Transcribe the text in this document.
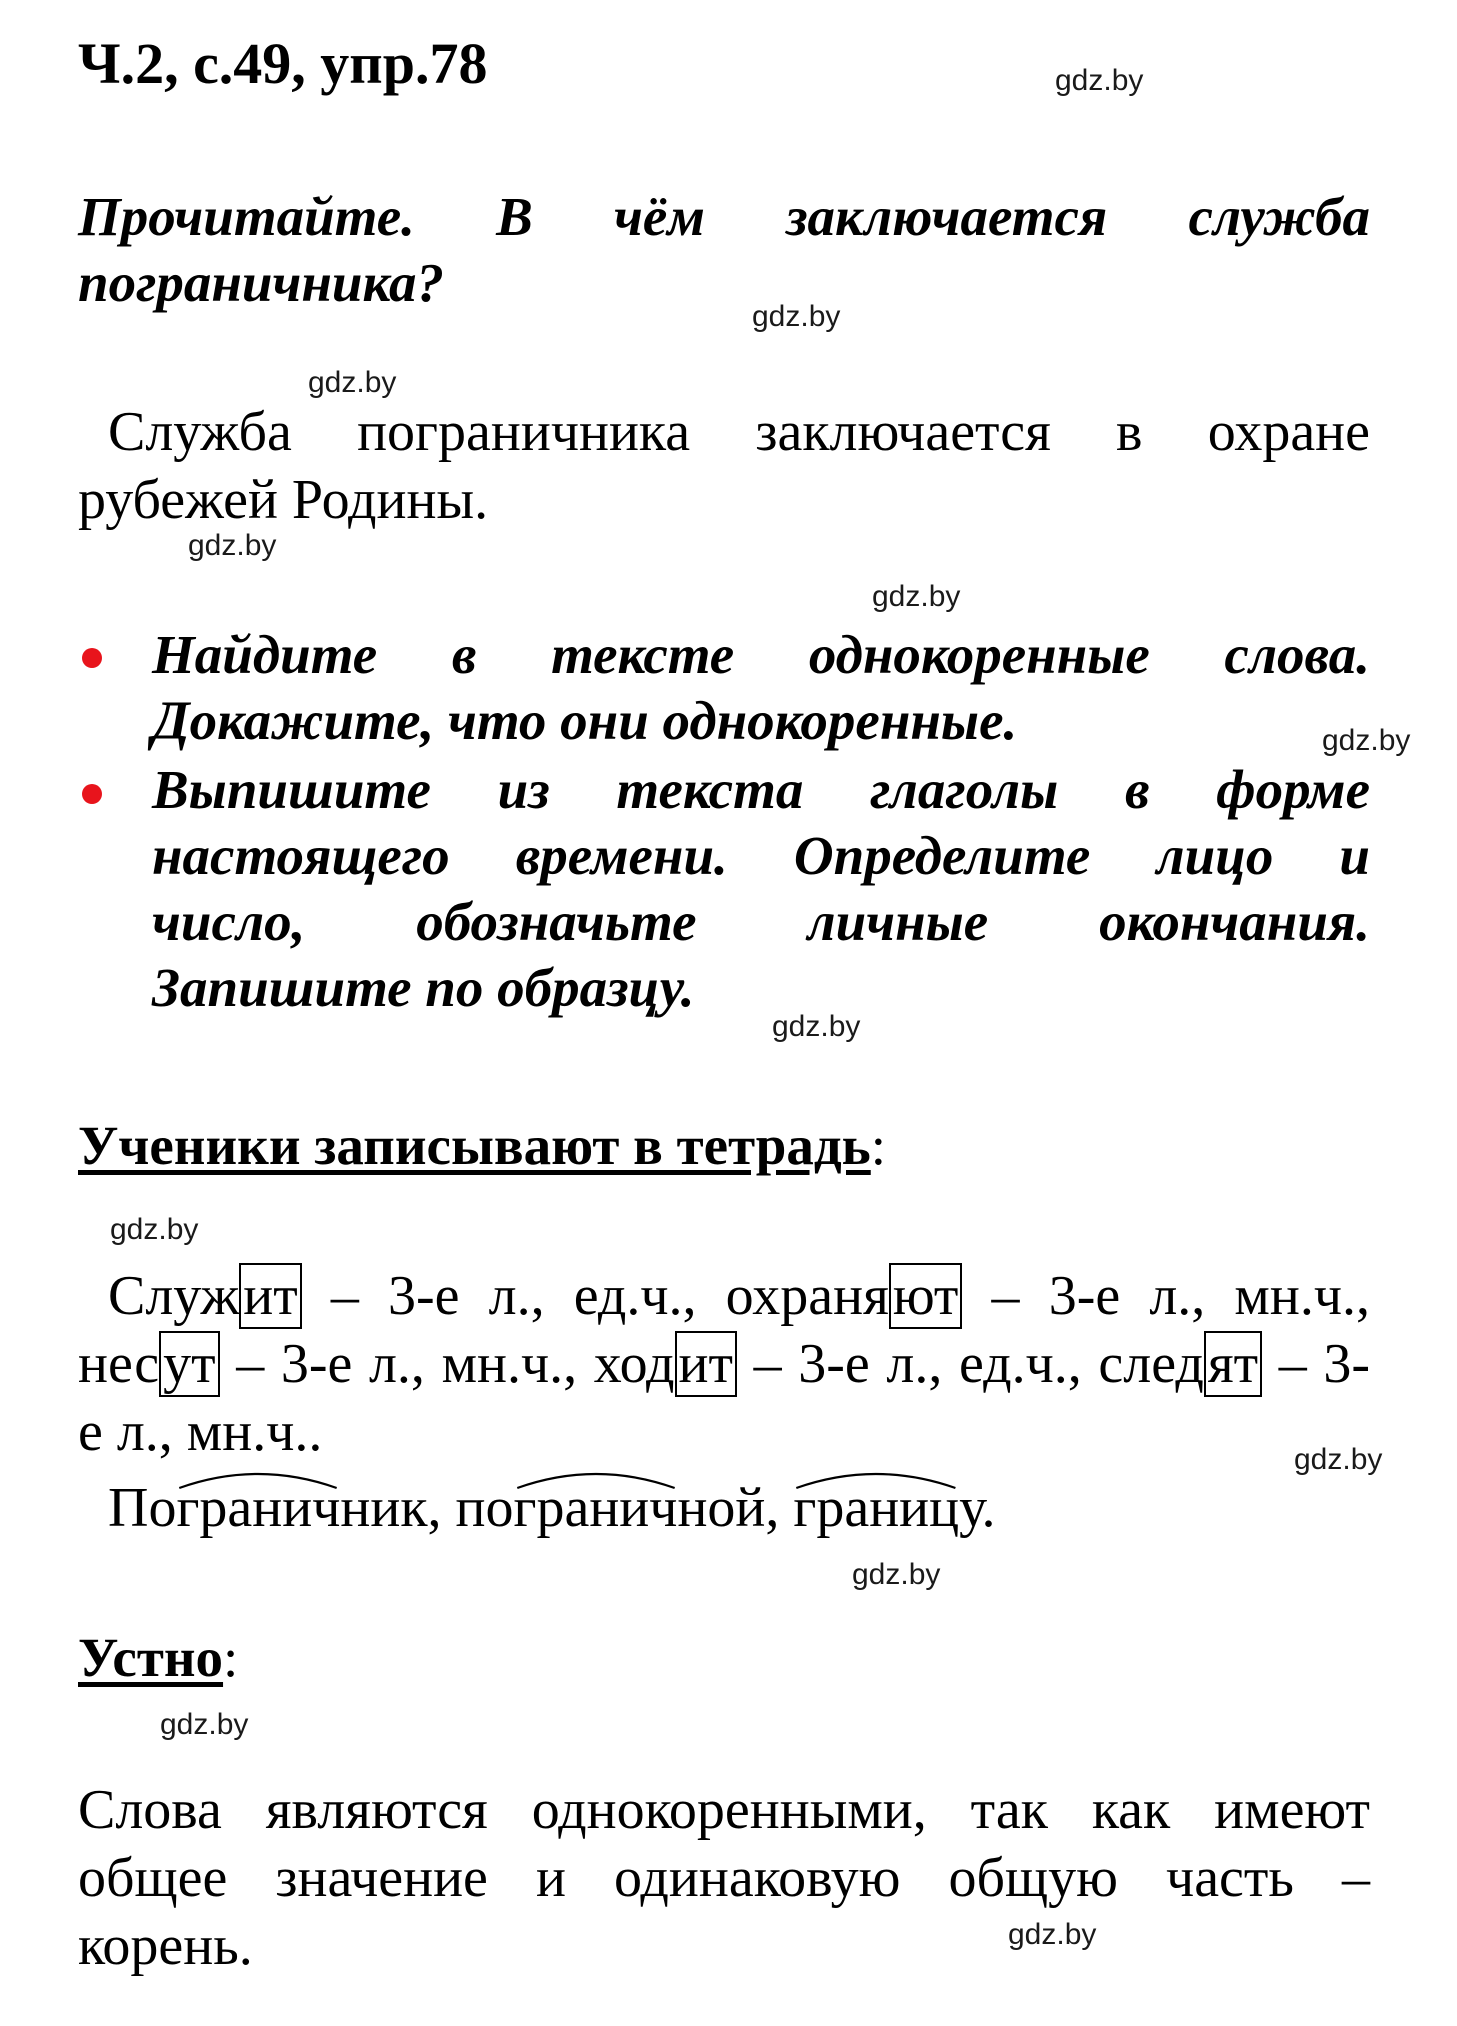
Ч.2, с.49, упр.78	gdz.by
gdz.by
gdz.by
gdz.by
gdz.by
gdz.by
gdz.by
gdz.by
gdz.by
gdz.by
gdz.by
gdz.by
Прочитайте. В чём заключается служба пограничника?
Служба пограничника заключается в охране
рубежей Родины.
Найдите в тексте однокоренные слова.
Докажите, что они однокоренные.
Выпишите из текста глаголы в форме
настоящего времени. Определите лицо и
число, обозначьте личные окончания.
Запишите по образцу.
Ученики записывают в тетрадь:
Служит – 3-е л., ед.ч., охраняют – 3-е л., мн.ч.,
несут – 3-е л., мн.ч., ходит – 3-е л., ед.ч., следят – 3-
е л., мн.ч..
По
граничник, по
граничной,
границу.
Устно:
Слова являются однокоренными, так как имеют
общее значение и одинаковую общую часть –
корень.
